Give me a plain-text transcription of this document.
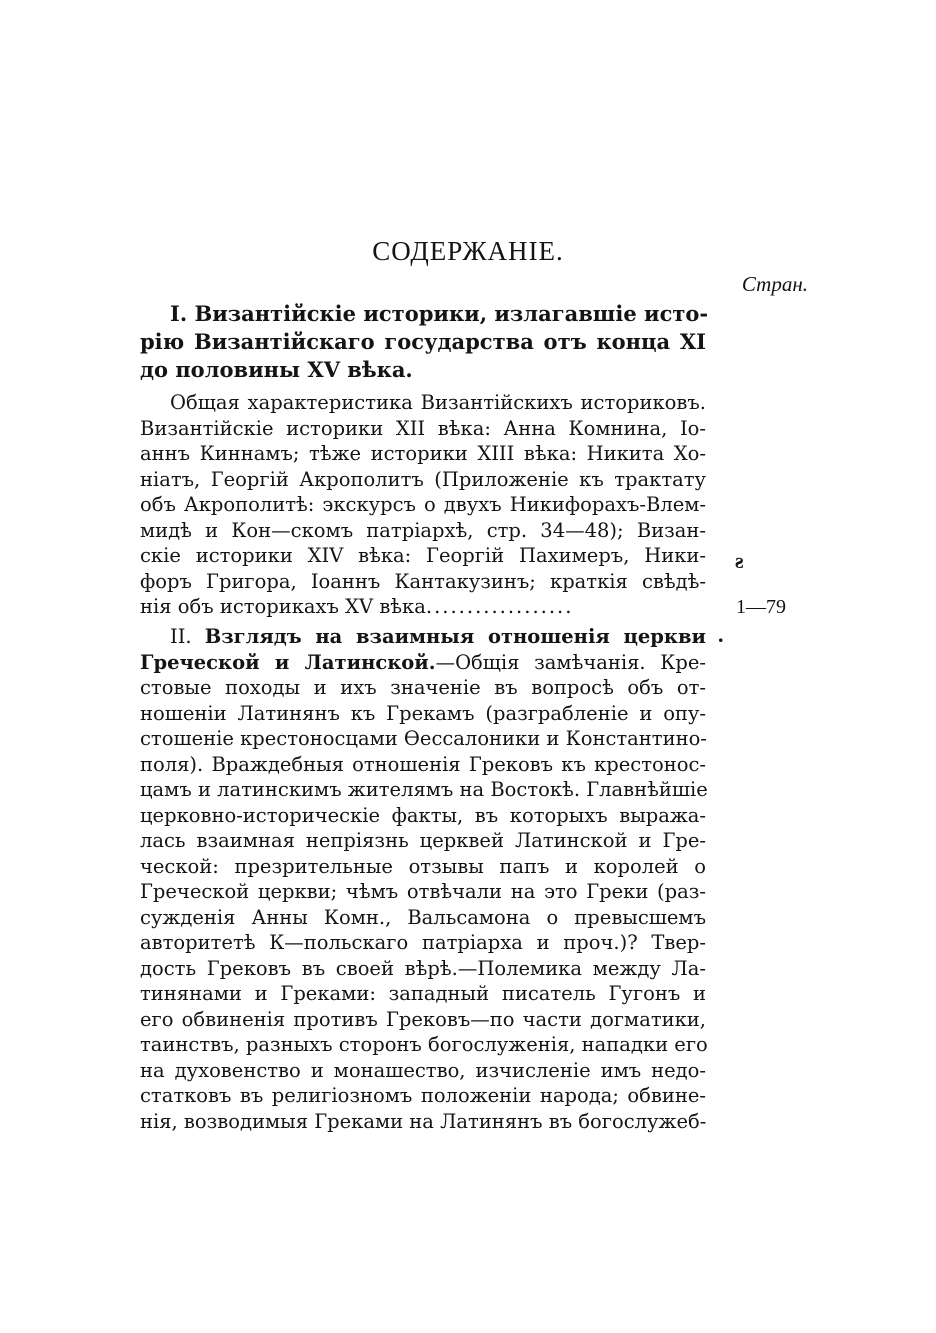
СОДЕРЖАНІЕ.
Стран.
I. Византійскіе историки, излагавшіе исто-
рію Византійскаго государства отъ конца XI
до половины XV вѣка.
Общая характеристика Византійскихъ историковъ.
Византійскіе историки XII вѣка: Анна Комнина, Іо-
аннъ Киннамъ; тѣже историки XIII вѣка: Никита Хо-
ніатъ, Георгій Акрополитъ (Приложеніе къ трактату
объ Акрополитѣ: экскурсъ о двухъ Никифорахъ-Влем-
мидѣ и Кон—скомъ патріархѣ, стр. 34—48); Визан-
скіе историки XIV вѣка: Георгій Пахимеръ, Ники-
форъ Григора, Іоаннъ Кантакузинъ; краткія свѣдѣ-
нія объ историкахъ XV вѣка..................	1—79
ƨ
II. Взглядъ на взаимныя отношенія церкви
Греческой и Латинской.—Общія замѣчанія. Кре-
стовые походы и ихъ значеніе въ вопросѣ объ от-
ношеніи Латинянъ къ Грекамъ (разграбленіе и опу-
стошеніе крестоносцами Өессалоники и Константино-
поля). Враждебныя отношенія Грековъ къ крестонос-
цамъ и латинскимъ жителямъ на Востокѣ. Главнѣйшіе
церковно-историческіе факты, въ которыхъ выража-
лась взаимная непріязнь церквей Латинской и Гре-
ческой: презрительные отзывы папъ и королей о
Греческой церкви; чѣмъ отвѣчали на это Греки (раз-
сужденія Анны Комн., Вальсамона о превысшемъ
авторитетѣ К—польскаго патріарха и проч.)? Твер-
дость Грековъ въ своей вѣрѣ.—Полемика между Ла-
тинянами и Греками: западный писатель Гугонъ и
его обвиненія противъ Грековъ—по части догматики,
таинствъ, разныхъ сторонъ богослуженія, нападки его
на духовенство и монашество, изчисленіе имъ недо-
статковъ въ религіозномъ положеніи народа; обвине-
нія, возводимыя Греками на Латинянъ въ богослужеб-
.
